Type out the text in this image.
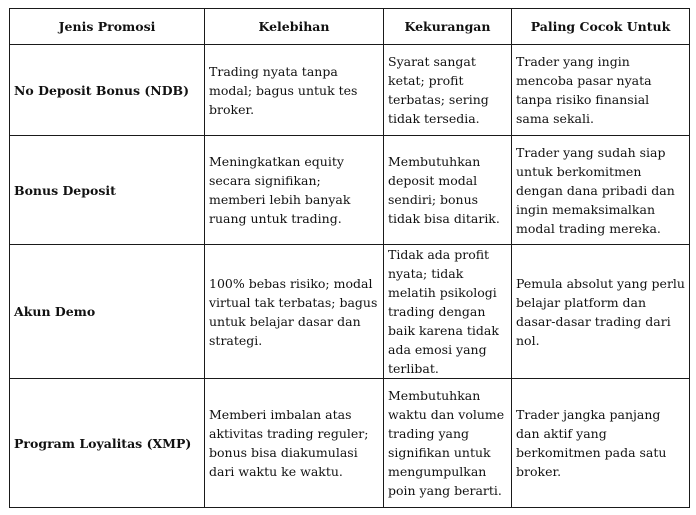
Jenis Promosi	Kelebihan	Kekurangan	Paling Cocok Untuk
No Deposit Bonus (NDB)	Trading nyata tanpa modal; bagus untuk tes broker.	Syarat sangat ketat; profit terbatas; sering tidak tersedia.	Trader yang ingin mencoba pasar nyata tanpa risiko finansial sama sekali.
Bonus Deposit	Meningkatkan equity secara signifikan; memberi lebih banyak ruang untuk trading.	Membutuhkan deposit modal sendiri; bonus tidak bisa ditarik.	Trader yang sudah siap untuk berkomitmen dengan dana pribadi dan ingin memaksimalkan modal trading mereka.
Akun Demo	100% bebas risiko; modal virtual tak terbatas; bagus untuk belajar dasar dan strategi.	Tidak ada profit nyata; tidak melatih psikologi trading dengan baik karena tidak ada emosi yang terlibat.	Pemula absolut yang perlu belajar platform dan dasar-dasar trading dari nol.
Program Loyalitas (XMP)	Memberi imbalan atas aktivitas trading reguler; bonus bisa diakumulasi dari waktu ke waktu.	Membutuhkan waktu dan volume trading yang signifikan untuk mengumpulkan poin yang berarti.	Trader jangka panjang dan aktif yang berkomitmen pada satu broker.
